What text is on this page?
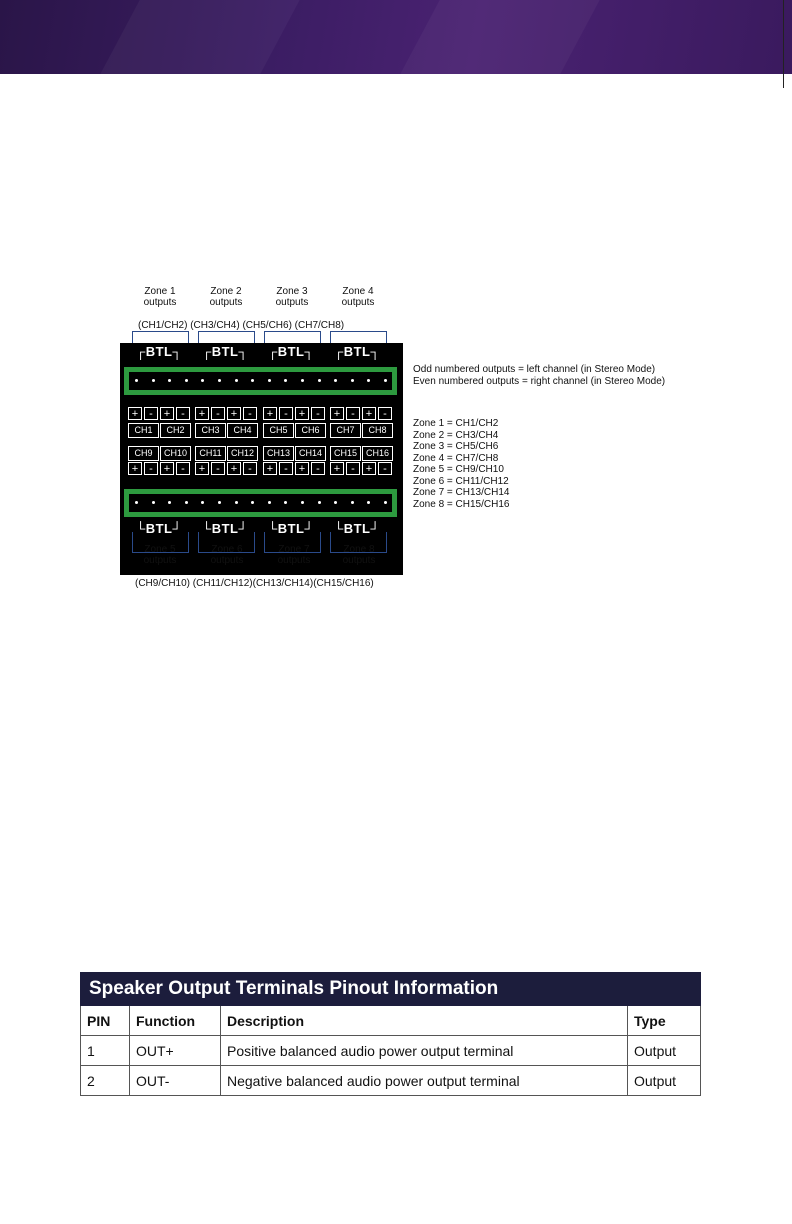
Zone 1
outputs
Zone 2
outputs
Zone 3
outputs
Zone 4
outputs
(CH1/CH2) (CH3/CH4) (CH5/CH6) (CH7/CH8)
┌BTL┐ ┌BTL┐ ┌BTL┐ ┌BTL┐
+ - + -	+ - + -	+ - + -	+ - + -
CH1	CH2	CH3	CH4	CH5	CH6	CH7	CH8
CH9	CH10	CH11	CH12	CH13 CH14	CH15 CH16
+ - + -	+ - + -	+ - + -	+ - + -
└BTL┘ └BTL┘ └BTL┘ └BTL┘
Zone 5
outputs
Zone 6
outputs
Zone 7
outputs
Zone 8
outputs
(CH9/CH10) (CH11/CH12)(CH13/CH14)(CH15/CH16)
Odd numbered outputs = left channel (in Stereo Mode)
Even numbered outputs = right channel (in Stereo Mode)
Zone 1 = CH1/CH2
Zone 2 = CH3/CH4
Zone 3 = CH5/CH6
Zone 4 = CH7/CH8
Zone 5 = CH9/CH10
Zone 6 = CH11/CH12
Zone 7 = CH13/CH14
Zone 8 = CH15/CH16
Speaker Output Terminals Pinout Information			
PIN	Function	Description	Type
1	OUT+	Positive balanced audio power output terminal	Output
2	OUT-	Negative balanced audio power output terminal	Output
